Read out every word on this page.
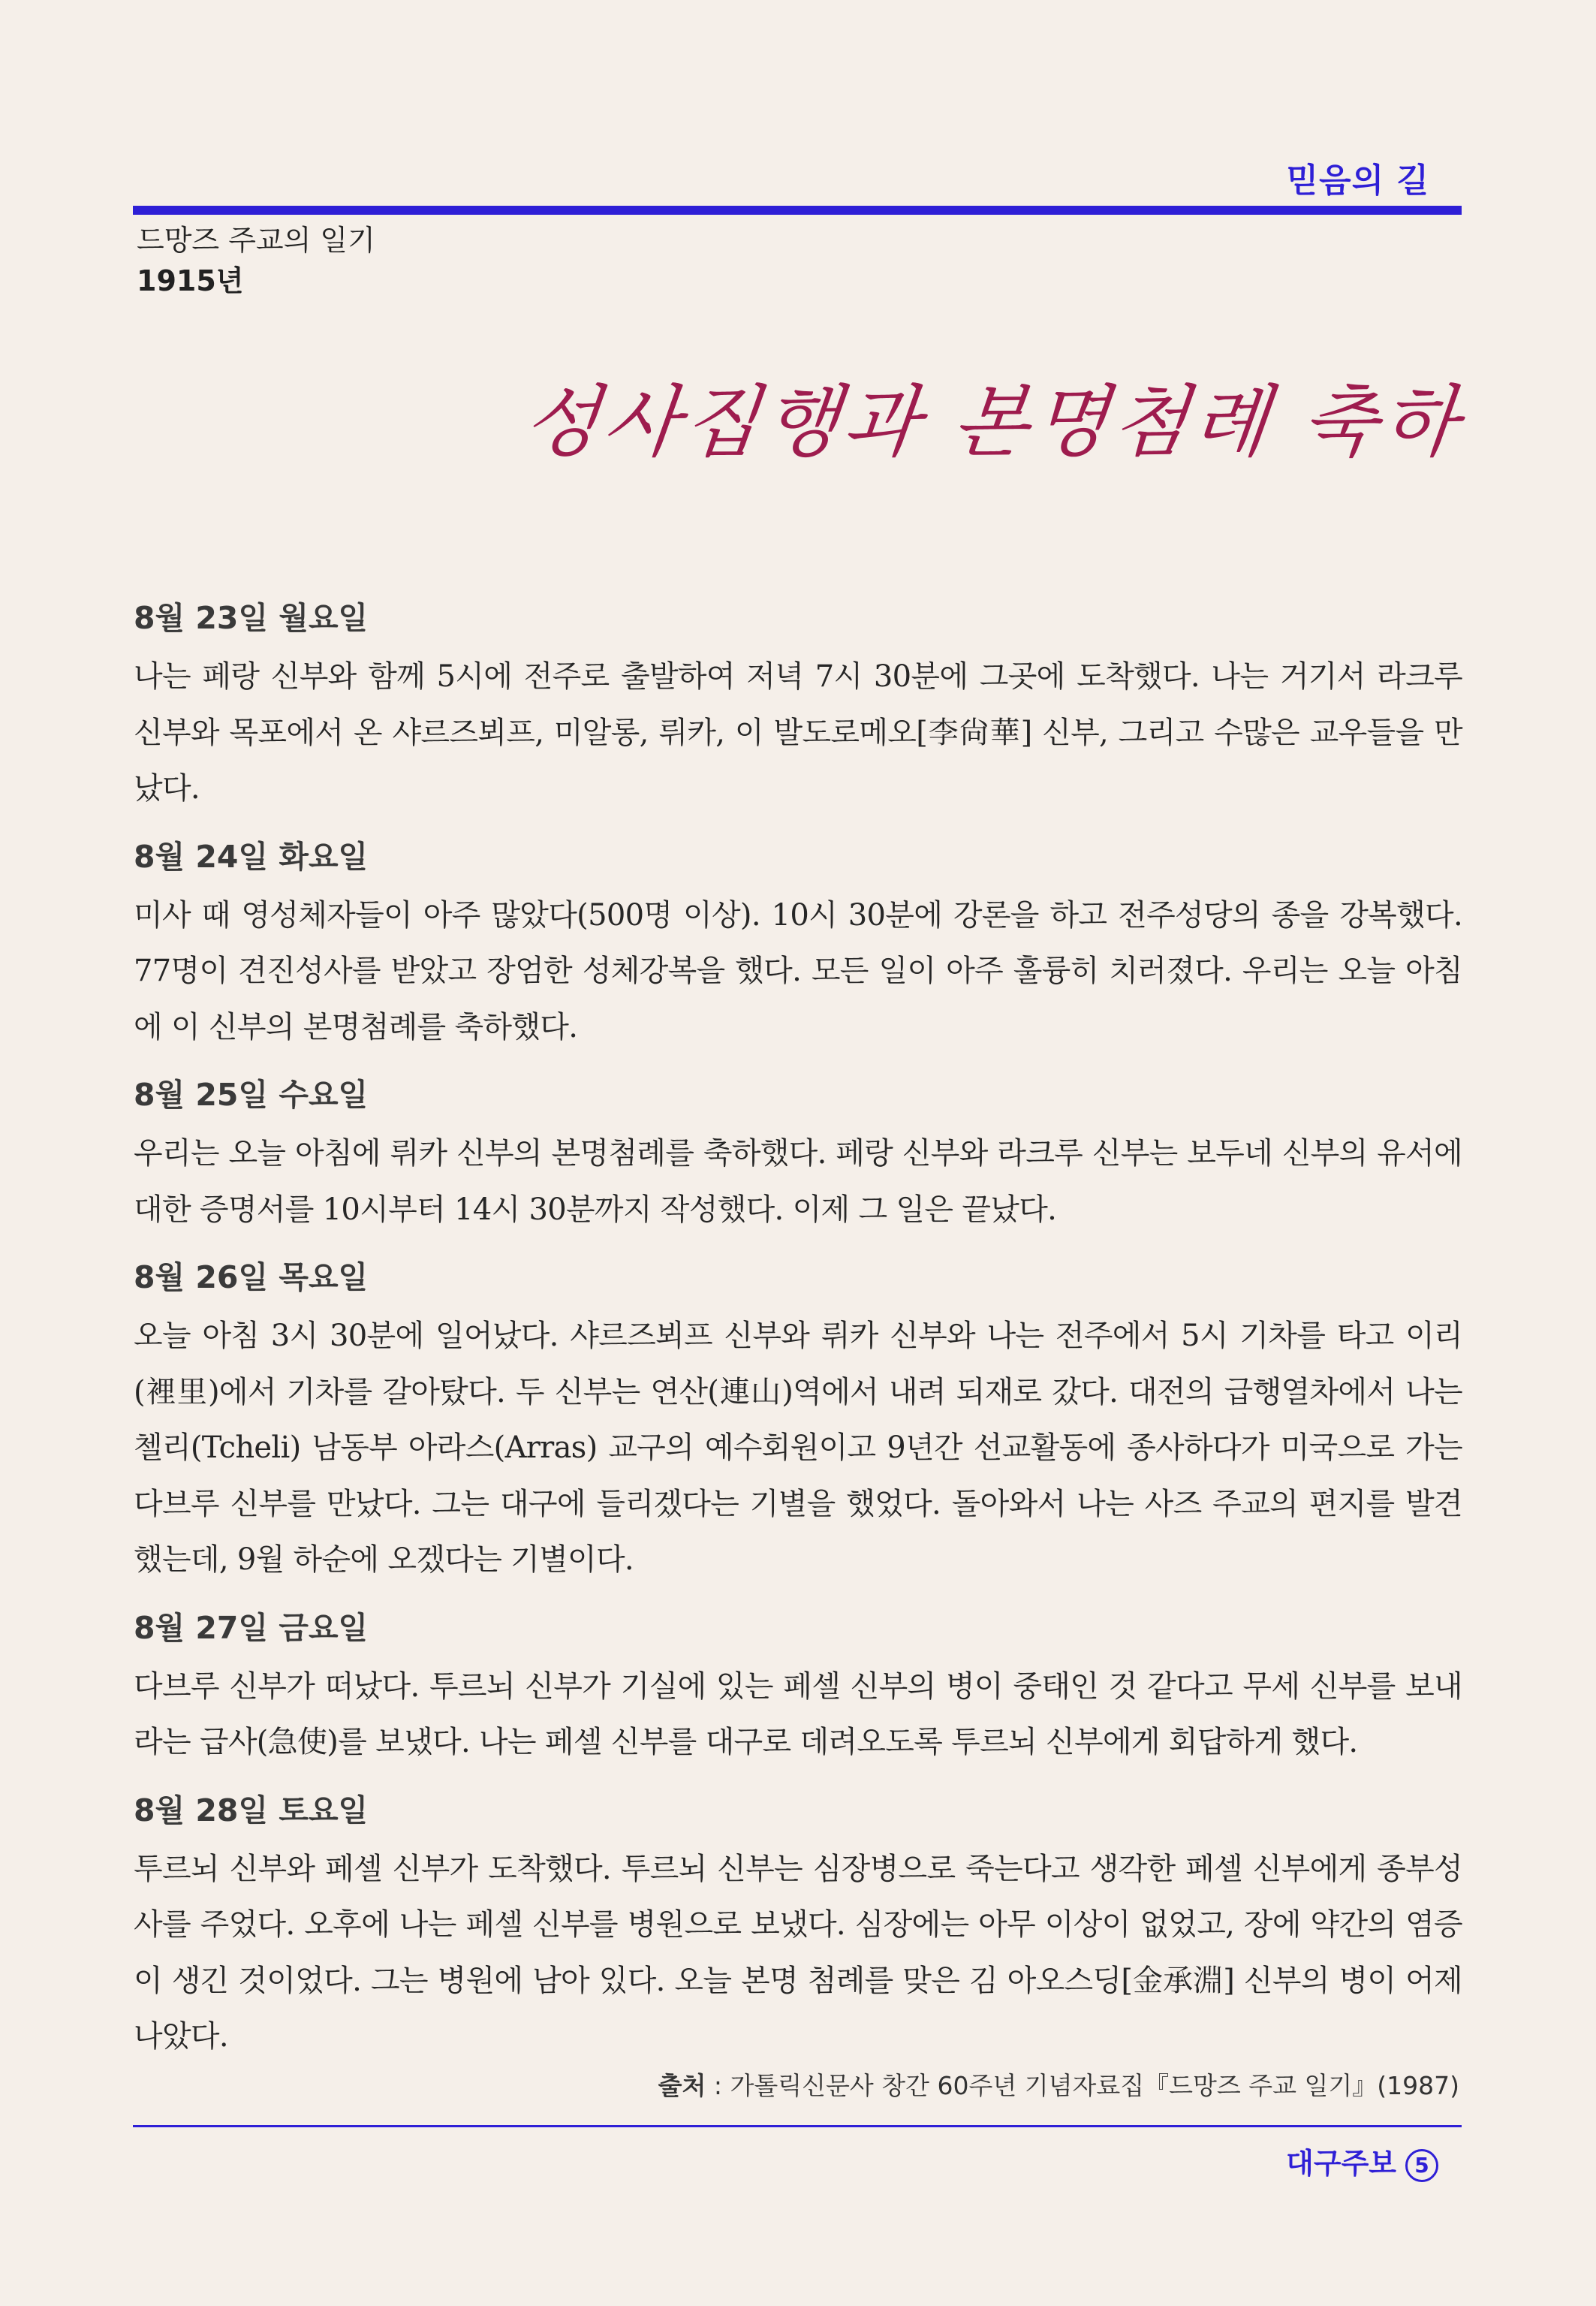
믿음의 길
드망즈 주교의 일기
1915년
성사집행과 본명첨례 축하
8월 23일 월요일
나는 페랑 신부와 함께 5시에 전주로 출발하여 저녁 7시 30분에 그곳에 도착했다. 나는 거기서 라크루 신부와 목포에서 온 샤르즈뵈프, 미알롱, 뤼카, 이 발도로메오[李尙華] 신부, 그리고 수많은 교우들을 만났다.
8월 24일 화요일
미사 때 영성체자들이 아주 많았다(500명 이상). 10시 30분에 강론을 하고 전주성당의 종을 강복했다. 77명이 견진성사를 받았고 장엄한 성체강복을 했다. 모든 일이 아주 훌륭히 치러졌다. 우리는 오늘 아침에 이 신부의 본명첨례를 축하했다.
8월 25일 수요일
우리는 오늘 아침에 뤼카 신부의 본명첨례를 축하했다. 페랑 신부와 라크루 신부는 보두네 신부의 유서에 대한 증명서를 10시부터 14시 30분까지 작성했다. 이제 그 일은 끝났다.
8월 26일 목요일
오늘 아침 3시 30분에 일어났다. 샤르즈뵈프 신부와 뤼카 신부와 나는 전주에서 5시 기차를 타고 이리(裡里)에서 기차를 갈아탔다. 두 신부는 연산(連山)역에서 내려 되재로 갔다. 대전의 급행열차에서 나는 첼리(Tcheli) 남동부 아라스(Arras) 교구의 예수회원이고 9년간 선교활동에 종사하다가 미국으로 가는 다브루 신부를 만났다. 그는 대구에 들리겠다는 기별을 했었다. 돌아와서 나는 사즈 주교의 편지를 발견했는데, 9월 하순에 오겠다는 기별이다.
8월 27일 금요일
다브루 신부가 떠났다. 투르뇌 신부가 기실에 있는 페셀 신부의 병이 중태인 것 같다고 무세 신부를 보내라는 급사(急使)를 보냈다. 나는 페셀 신부를 대구로 데려오도록 투르뇌 신부에게 회답하게 했다.
8월 28일 토요일
투르뇌 신부와 페셀 신부가 도착했다. 투르뇌 신부는 심장병으로 죽는다고 생각한 페셀 신부에게 종부성사를 주었다. 오후에 나는 페셀 신부를 병원으로 보냈다. 심장에는 아무 이상이 없었고, 장에 약간의 염증이 생긴 것이었다. 그는 병원에 남아 있다. 오늘 본명 첨례를 맞은 김 아오스딩[金承淵] 신부의 병이 어제 나았다.
출처 : 가톨릭신문사 창간 60주년 기념자료집『드망즈 주교 일기』(1987)
대구주보 5
